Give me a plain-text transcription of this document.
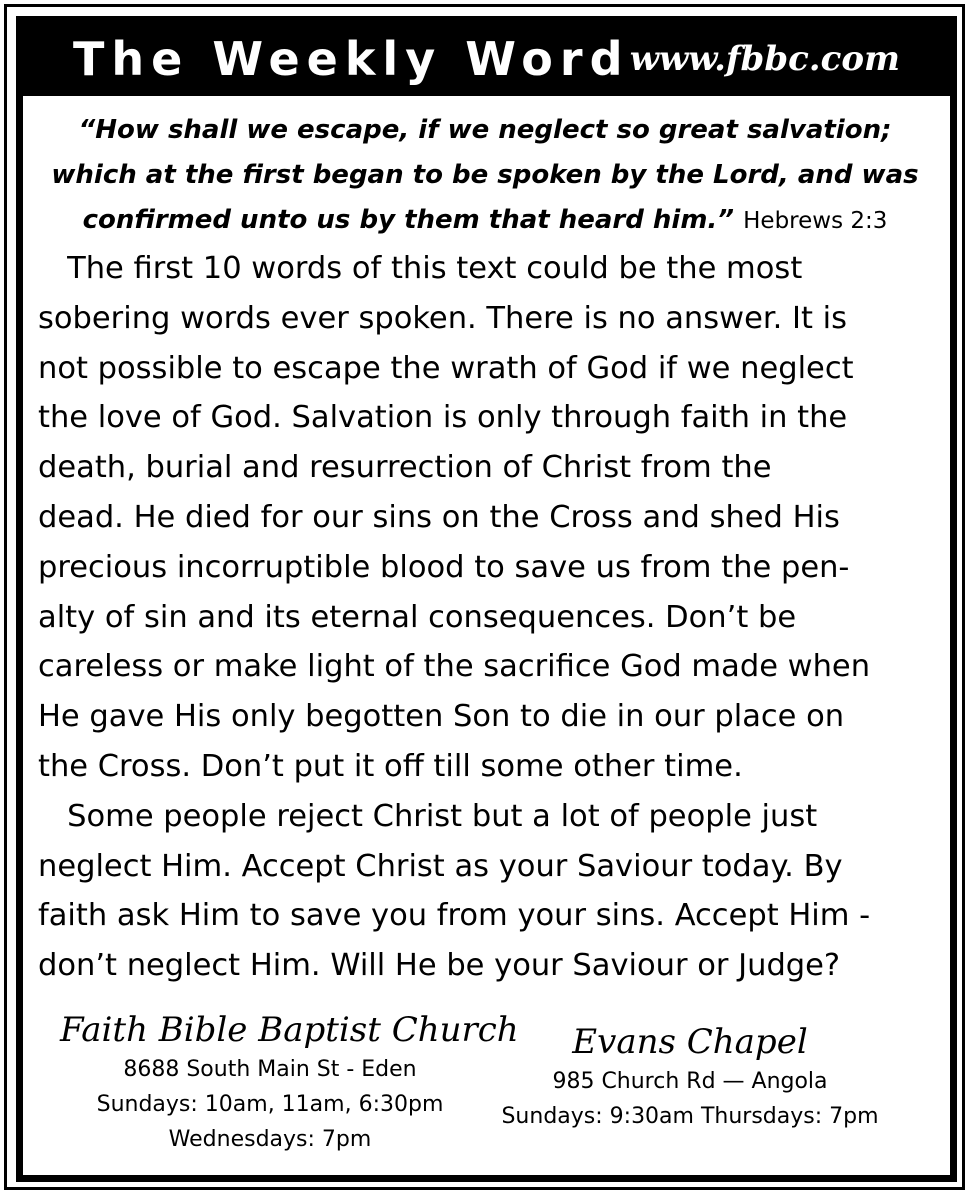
The Weekly Word www.fbbc.com
“How shall we escape, if we neglect so great salvation;
which at the first began to be spoken by the Lord, and was
confirmed unto us by them that heard him.” Hebrews 2:3
The first 10 words of this text could be the most
sobering words ever spoken. There is no answer. It is
not possible to escape the wrath of God if we neglect
the love of God. Salvation is only through faith in the
death, burial and resurrection of Christ from the
dead. He died for our sins on the Cross and shed His
precious incorruptible blood to save us from the pen-
alty of sin and its eternal consequences. Don’t be
careless or make light of the sacrifice God made when
He gave His only begotten Son to die in our place on
the Cross. Don’t put it off till some other time.
Some people reject Christ but a lot of people just
neglect Him. Accept Christ as your Saviour today. By
faith ask Him to save you from your sins. Accept Him -
don’t neglect Him. Will He be your Saviour or Judge?
Faith Bible Baptist Church
8688 South Main St - Eden
Sundays: 10am, 11am, 6:30pm
Wednesdays: 7pm
Evans Chapel
985 Church Rd — Angola
Sundays: 9:30am Thursdays: 7pm
